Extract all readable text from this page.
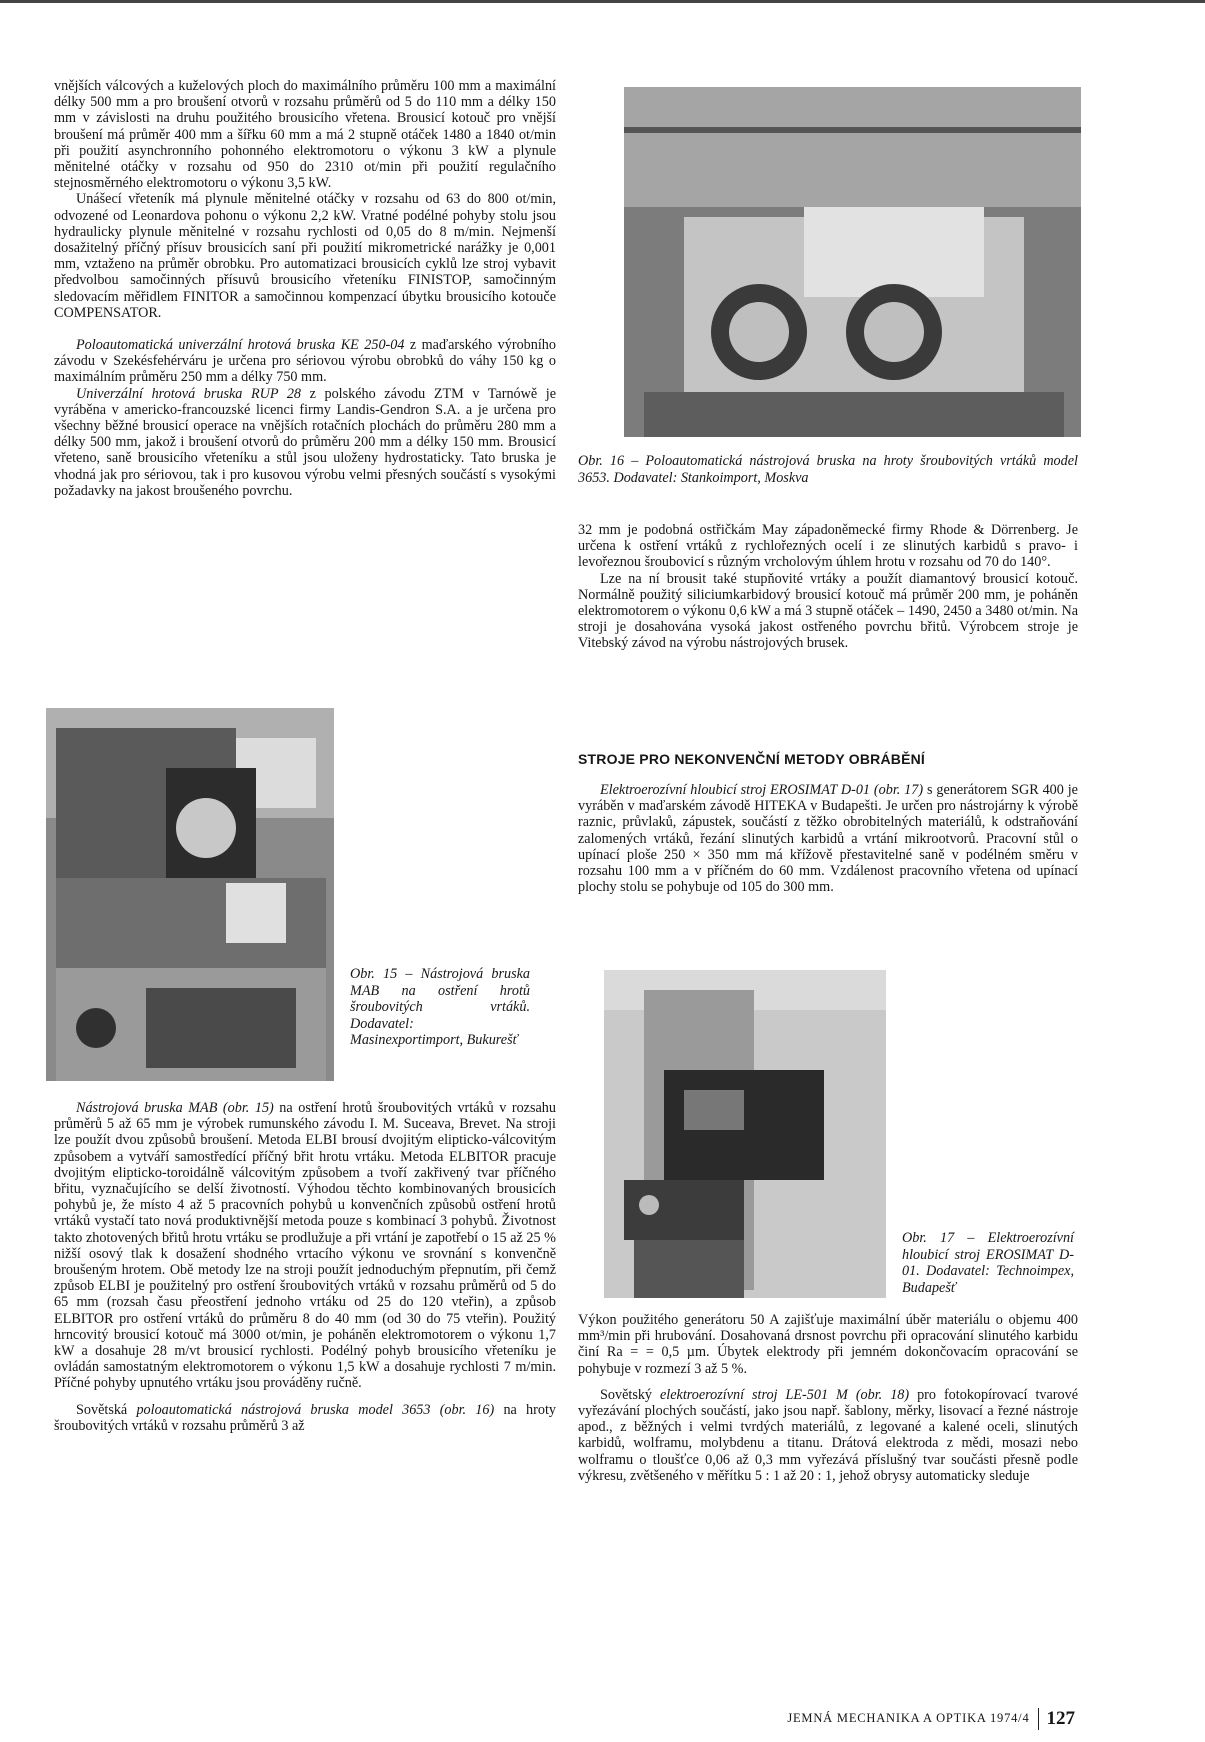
vnějších válcových a kuželových ploch do maximálního průměru 100 mm a maximální délky 500 mm a pro broušení otvorů v rozsahu průměrů od 5 do 110 mm a délky 150 mm v závislosti na druhu použitého brousicího vřetena. Brousicí kotouč pro vnější broušení má průměr 400 mm a šířku 60 mm a má 2 stupně otáček 1480 a 1840 ot/min při použití asynchronního pohonného elektromotoru o výkonu 3 kW a plynule měnitelné otáčky v rozsahu od 950 do 2310 ot/min při použití regulačního stejnosměrného elektromotoru o výkonu 3,5 kW.

Unášecí vřeteník má plynule měnitelné otáčky v rozsahu od 63 do 800 ot/min, odvozené od Leonardova pohonu o výkonu 2,2 kW. Vratné podélné pohyby stolu jsou hydraulicky plynule měnitelné v rozsahu rychlosti od 0,05 do 8 m/min. Nejmenší dosažitelný příčný přísuv brousicích saní při použití mikrometrické narážky je 0,001 mm, vztaženo na průměr obrobku. Pro automatizaci brousicích cyklů lze stroj vybavit předvolbou samočinných přísuvů brousicího vřeteníku FINISTOP, samočinným sledovacím měřidlem FINITOR a samočinnou kompenzací úbytku brousicího kotouče COMPENSATOR.

Poloautomatická univerzální hrotová bruska KE 250-04 z maďarského výrobního závodu v Szekésfehérváru je určena pro sériovou výrobu obrobků do váhy 150 kg o maximálním průměru 250 mm a délky 750 mm.

Univerzální hrotová bruska RUP 28 z polského závodu ZTM v Tarnówě je vyráběna v americko-francouzské licenci firmy Landis-Gendron S.A. a je určena pro všechny běžné brousicí operace na vnějších rotačních plochách do průměru 280 mm a délky 500 mm, jakož i broušení otvorů do průměru 200 mm a délky 150 mm. Brousicí vřeteno, saně brousicího vřeteníku a stůl jsou uloženy hydrostaticky. Tato bruska je vhodná jak pro sériovou, tak i pro kusovou výrobu velmi přesných součástí s vysokými požadavky na jakost broušeného povrchu.

Obr. 15 – Nástrojová bruska MAB na ostření hrotů šroubovitých vrtáků. Dodavatel: Masinexportimport, Bukurešť

Nástrojová bruska MAB (obr. 15) na ostření hrotů šroubovitých vrtáků v rozsahu průměrů 5 až 65 mm je výrobek rumunského závodu I. M. Suceava, Brevet. Na stroji lze použít dvou způsobů broušení. Metoda ELBI brousí dvojitým elipticko-válcovitým způsobem a vytváří samostředící příčný břit hrotu vrtáku. Metoda ELBITOR pracuje dvojitým elipticko-toroidálně válcovitým způsobem a tvoří zakřivený tvar příčného břitu, vyznačujícího se delší životností. Výhodou těchto kombinovaných brousicích pohybů je, že místo 4 až 5 pracovních pohybů u konvenčních způsobů ostření hrotů vrtáků vystačí tato nová produktivnější metoda pouze s kombinací 3 pohybů. Životnost takto zhotovených břitů hrotu vrtáku se prodlužuje a při vrtání je zapotřebí o 15 až 25 % nižší osový tlak k dosažení shodného vrtacího výkonu ve srovnání s konvenčně broušeným hrotem. Obě metody lze na stroji použít jednoduchým přepnutím, při čemž způsob ELBI je použitelný pro ostření šroubovitých vrtáků v rozsahu průměrů od 5 do 65 mm (rozsah času přeostření jednoho vrtáku od 25 do 120 vteřin), a způsob ELBITOR pro ostření vrtáků do průměru 8 do 40 mm (od 30 do 75 vteřin). Použitý hrncovitý brousicí kotouč má 3000 ot/min, je poháněn elektromotorem o výkonu 1,7 kW a dosahuje 28 m/vt brousicí rychlosti. Podélný pohyb brousicího vřeteníku je ovládán samostatným elektromotorem o výkonu 1,5 kW a dosahuje rychlosti 7 m/min. Příčné pohyby upnutého vrtáku jsou prováděny ručně.

Sovětská poloautomatická nástrojová bruska model 3653 (obr. 16) na hroty šroubovitých vrtáků v rozsahu průměrů 3 až

Obr. 16 – Poloautomatická nástrojová bruska na hroty šroubovitých vrtáků model 3653. Dodavatel: Stankoimport, Moskva

32 mm je podobná ostřičkám May západoněmecké firmy Rhode & Dörrenberg. Je určena k ostření vrtáků z rychlořezných ocelí i ze slinutých karbidů s pravo- i levořeznou šroubovicí s různým vrcholovým úhlem hrotu v rozsahu od 70 do 140°.

Lze na ní brousit také stupňovité vrtáky a použít diamantový brousicí kotouč. Normálně použitý siliciumkarbidový brousicí kotouč má průměr 200 mm, je poháněn elektromotorem o výkonu 0,6 kW a má 3 stupně otáček – 1490, 2450 a 3480 ot/min. Na stroji je dosahována vysoká jakost ostřeného povrchu břitů. Výrobcem stroje je Vitebský závod na výrobu nástrojových brusek.

STROJE PRO NEKONVENČNÍ METODY OBRÁBĚNÍ

Elektroerozívní hloubicí stroj EROSIMAT D-01 (obr. 17) s generátorem SGR 400 je vyráběn v maďarském závodě HITEKA v Budapešti. Je určen pro nástrojárny k výrobě raznic, průvlaků, zápustek, součástí z těžko obrobitelných materiálů, k odstraňování zalomených vrtáků, řezání slinutých karbidů a vrtání mikrootvorů. Pracovní stůl o upínací ploše 250 × 350 mm má křížově přestavitelné saně v podélném směru v rozsahu 100 mm a v příčném do 60 mm. Vzdálenost pracovního vřetena od upínací plochy stolu se pohybuje od 105 do 300 mm.

Obr. 17 – Elektroerozívní hloubicí stroj EROSIMAT D-01. Dodavatel: Technoimpex, Budapešť

Výkon použitého generátoru 50 A zajišťuje maximální úběr materiálu o objemu 400 mm³/min při hrubování. Dosahovaná drsnost povrchu při opracování slinutého karbidu činí Ra = = 0,5 µm. Úbytek elektrody při jemném dokončovacím opracování se pohybuje v rozmezí 3 až 5 %.

Sovětský elektroerozívní stroj LE-501 M (obr. 18) pro fotokopírovací tvarové vyřezávání plochých součástí, jako jsou např. šablony, měrky, lisovací a řezné nástroje apod., z běžných i velmi tvrdých materiálů, z legované a kalené oceli, slinutých karbidů, wolframu, molybdenu a titanu. Drátová elektroda z mědi, mosazi nebo wolframu o tloušťce 0,06 až 0,3 mm vyřezává příslušný tvar součásti přesně podle výkresu, zvětšeného v měřítku 5 : 1 až 20 : 1, jehož obrysy automaticky sleduje

JEMNÁ MECHANIKA A OPTIKA 1974/4 127
